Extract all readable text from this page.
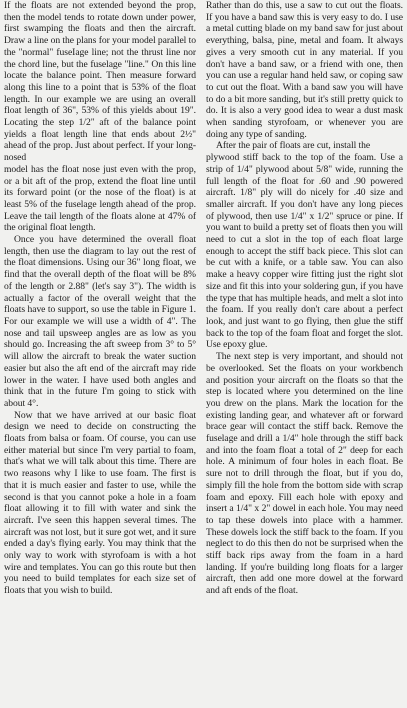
If the floats are not extended beyond the prop, then the model tends to rotate down under power, first swamping the floats and then the aircraft. Draw a line on the plans for your model parallel to the "normal" fuseIage line; not the thrust line nor the chord line, but the fuselage "line." On this line locate the balance point. Then measure forward along this line to a point that is 53% of the float length. In our example we are using an overall float length of 36", 53% of this yields about 19". Locating the step 1/2" aft of the balance point yields a float length line that ends about 2½" ahead of the prop. Just about perfect. If your long-nosed

model has the float nose just even with the prop, or a bit aft of the prop, extend the float line until its forward point (or the nose of the float) is at least 5% of the fuselage length ahead of the prop. Leave the tail length of the floats alone at 47% of the original float length.

Once you have determined the overall float length, then use the diagram to lay out the rest of the float dimensions. Using our 36" long float, we find that the overall depth of the float will be 8% of the length or 2.88" (let's say 3"). The width is actually a factor of the overall weight that the floats have to support, so use the table in Figure 1. For our example we will use a width of 4". The nose and tail upsweep angles are as low as you should go. Increasing the aft sweep from 3° to 5° will allow the aircraft to break the water suction easier but also the aft end of the aircraft may ride lower in the water. I have used both angles and think that in the future I'm going to stick with about 4°.

Now that we have arrived at our basic float design we need to decide on constructing the floats from balsa or foam. Of course, you can use either material but since I'm very partial to foam, that's what we will talk about this time. There are two reasons why I like to use foam. The first is that it is much easier and faster to use, while the second is that you cannot poke a hole in a foam float allowing it to fill with water and sink the aircraft. I've seen this happen several times. The aircraft was not lost, but it sure got wet, and it sure ended a day's flying early. You may think that the only way to work with styrofoam is with a hot wire and templates. You can go this route but then you need to build templates for each size set of floats that you wish to build.

Rather than do this, use a saw to cut out the floats. If you have a band saw this is very easy to do. I use a metal cutting blade on my band saw for just about everything, balsa, pine, metal and foam. It always gives a very smooth cut in any material. If you don't have a band saw, or a friend with one, then you can use a regular hand held saw, or coping saw to cut out the float. With a band saw you will have to do a bit more sanding, but it's still pretty quick to do. It is also a very good idea to wear a dust mask when sanding styrofoam, or whenever you are doing any type of sanding.

After the pair of floats are cut, install the

plywood stiff back to the top of the foam. Use a strip of 1/4" plywood about 5/8" wide, running the full length of the float for .60 and .90 powered aircraft. 1/8" ply will do nicely for .40 size and smaller aircraft. If you don't have any long pieces of plywood, then use 1/4" x 1/2" spruce or pine. If you want to build a pretty set of floats then you will need to cut a slot in the top of each float large enough to accept the stiff back piece. This slot can be cut with a knife, or a table saw. You can also make a heavy copper wire fitting just the right slot size and fit this into your soldering gun, if you have the type that has multiple heads, and melt a slot into the foam. If you really don't care about a perfect look, and just want to go flying, then glue the stiff back to the top of the foam float and forget the slot. Use epoxy glue.

The next step is very important, and should not be overlooked. Set the floats on your workbench and position your aircraft on the floats so that the step is located where you determined on the line you drew on the plans. Mark the location for the existing landing gear, and whatever aft or forward brace gear will contact the stiff back. Remove the fuselage and drill a 1/4" hole through the stiff back and into the foam float a total of 2" deep for each hole. A minimum of four holes in each float. Be sure not to drill through the float, but if you do, simply fill the hole from the bottom side with scrap foam and epoxy. Fill each hole with epoxy and insert a 1/4" x 2" dowel in each hole. You may need to tap these dowels into place with a hammer. These dowels lock the stiff back to the foam. If you neglect to do this then do not be surprised when the stiff back rips away from the foam in a hard landing. If you're building long floats for a larger aircraft, then add one more dowel at the forward and aft ends of the float.
